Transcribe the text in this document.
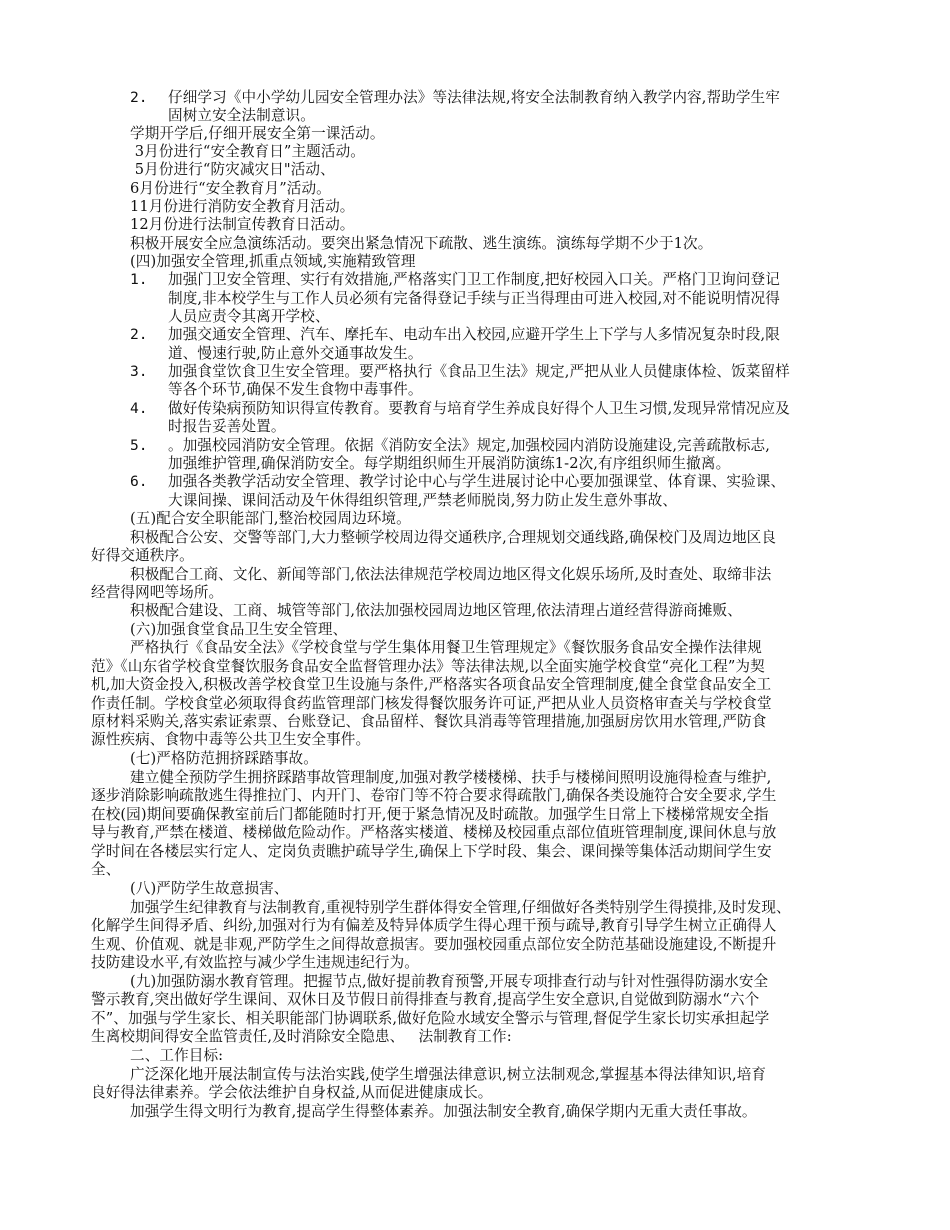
2. 仔细学习《中小学幼儿园安全管理办法》等法律法规,将安全法制教育纳入教学内容,帮助学生牢
固树立安全法制意识。
学期开学后,仔细开展安全第一课活动。
3月份进行“安全教育日”主题活动。
5月份进行“防灾减灾日"活动、
6月份进行“安全教育月”活动。
11月份进行消防安全教育月活动。
12月份进行法制宣传教育日活动。
积极开展安全应急演练活动。要突出紧急情况下疏散、逃生演练。演练每学期不少于1次。
(四)加强安全管理,抓重点领域,实施精致管理
1. 加强门卫安全管理、实行有效措施,严格落实门卫工作制度,把好校园入口关。严格门卫询问登记
制度,非本校学生与工作人员必须有完备得登记手续与正当得理由可进入校园,对不能说明情况得
人员应责令其离开学校、
2. 加强交通安全管理、汽车、摩托车、电动车出入校园,应避开学生上下学与人多情况复杂时段,限
道、慢速行驶,防止意外交通事故发生。
3. 加强食堂饮食卫生安全管理。要严格执行《食品卫生法》规定,严把从业人员健康体检、饭菜留样
等各个环节,确保不发生食物中毒事件。
4. 做好传染病预防知识得宣传教育。要教育与培育学生养成良好得个人卫生习惯,发现异常情况应及
时报告妥善处置。
5. 。加强校园消防安全管理。依据《消防安全法》规定,加强校园内消防设施建设,完善疏散标志,
加强维护管理,确保消防安全。每学期组织师生开展消防演练1-2次,有序组织师生撤离。
6. 加强各类教学活动安全管理、教学讨论中心与学生进展讨论中心要加强课堂、体育课、实验课、
大课间操、课间活动及午休得组织管理,严禁老师脱岗,努力防止发生意外事故、
(五)配合安全职能部门,整治校园周边环境。
积极配合公安、交警等部门,大力整顿学校周边得交通秩序,合理规划交通线路,确保校门及周边地区良
好得交通秩序。
积极配合工商、文化、新闻等部门,依法法律规范学校周边地区得文化娱乐场所,及时查处、取缔非法
经营得网吧等场所。
积极配合建设、工商、城管等部门,依法加强校园周边地区管理,依法清理占道经营得游商摊贩、
(六)加强食堂食品卫生安全管理、
严格执行《食品安全法》《学校食堂与学生集体用餐卫生管理规定》《餐饮服务食品安全操作法律规
范》《山东省学校食堂餐饮服务食品安全监督管理办法》等法律法规,以全面实施学校食堂“亮化工程”为契
机,加大资金投入,积极改善学校食堂卫生设施与条件,严格落实各项食品安全管理制度,健全食堂食品安全工
作责任制。学校食堂必须取得食药监管理部门核发得餐饮服务许可证,严把从业人员资格审查关与学校食堂
原材料采购关,落实索证索票、台账登记、食品留样、餐饮具消毒等管理措施,加强厨房饮用水管理,严防食
源性疾病、食物中毒等公共卫生安全事件。
(七)严格防范拥挤踩踏事故。
建立健全预防学生拥挤踩踏事故管理制度,加强对教学楼楼梯、扶手与楼梯间照明设施得检查与维护,
逐步消除影响疏散逃生得推拉门、内开门、卷帘门等不符合要求得疏散门,确保各类设施符合安全要求,学生
在校(园)期间要确保教室前后门都能随时打开,便于紧急情况及时疏散。加强学生日常上下楼梯常规安全指
导与教育,严禁在楼道、楼梯做危险动作。严格落实楼道、楼梯及校园重点部位值班管理制度,课间休息与放
学时间在各楼层实行定人、定岗负责瞧护疏导学生,确保上下学时段、集会、课间操等集体活动期间学生安
全、
(八)严防学生故意损害、
加强学生纪律教育与法制教育,重视特别学生群体得安全管理,仔细做好各类特别学生得摸排,及时发现、
化解学生间得矛盾、纠纷,加强对行为有偏差及特异体质学生得心理干预与疏导,教育引导学生树立正确得人
生观、价值观、就是非观,严防学生之间得故意损害。要加强校园重点部位安全防范基础设施建设,不断提升
技防建设水平,有效监控与减少学生违规违纪行为。
(九)加强防溺水教育管理。把握节点,做好提前教育预警,开展专项排查行动与针对性强得防溺水安全
警示教育,突出做好学生课间、双休日及节假日前得排查与教育,提高学生安全意识,自觉做到防溺水“六个
不”、加强与学生家长、相关职能部门协调联系,做好危险水域安全警示与管理,督促学生家长切实承担起学
生离校期间得安全监管责任,及时消除安全隐患、   法制教育工作:
二、工作目标:
广泛深化地开展法制宣传与法治实践,使学生增强法律意识,树立法制观念,掌握基本得法律知识,培育
良好得法律素养。学会依法维护自身权益,从而促进健康成长。
加强学生得文明行为教育,提高学生得整体素养。加强法制安全教育,确保学期内无重大责任事故。
